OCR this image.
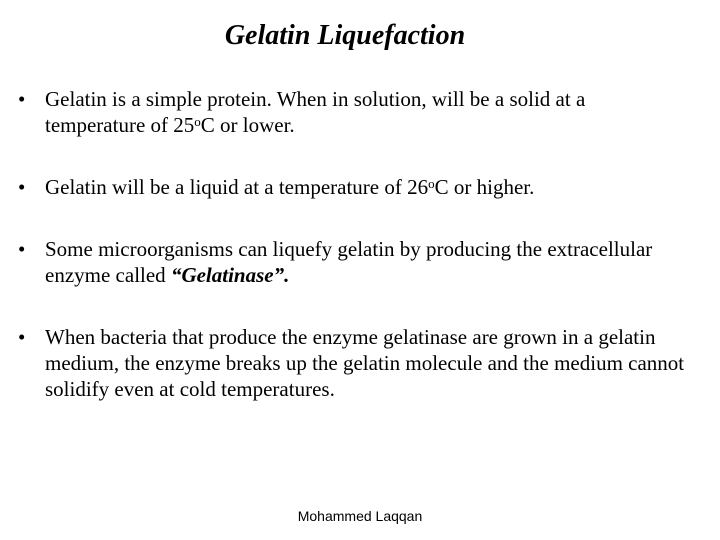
Gelatin Liquefaction
• Gelatin is a simple protein. When in solution, will be a solid at a temperature of 25$^o$C or lower.
• Gelatin will be a liquid at a temperature of 26$^o$C or higher.
• Some microorganisms can liquefy gelatin by producing the extracellular enzyme called “Gelatinase”.
• When bacteria that produce the enzyme gelatinase are grown in a gelatin medium, the enzyme breaks up the gelatin molecule and the medium cannot solidify even at cold temperatures.
Mohammed Laqqan
